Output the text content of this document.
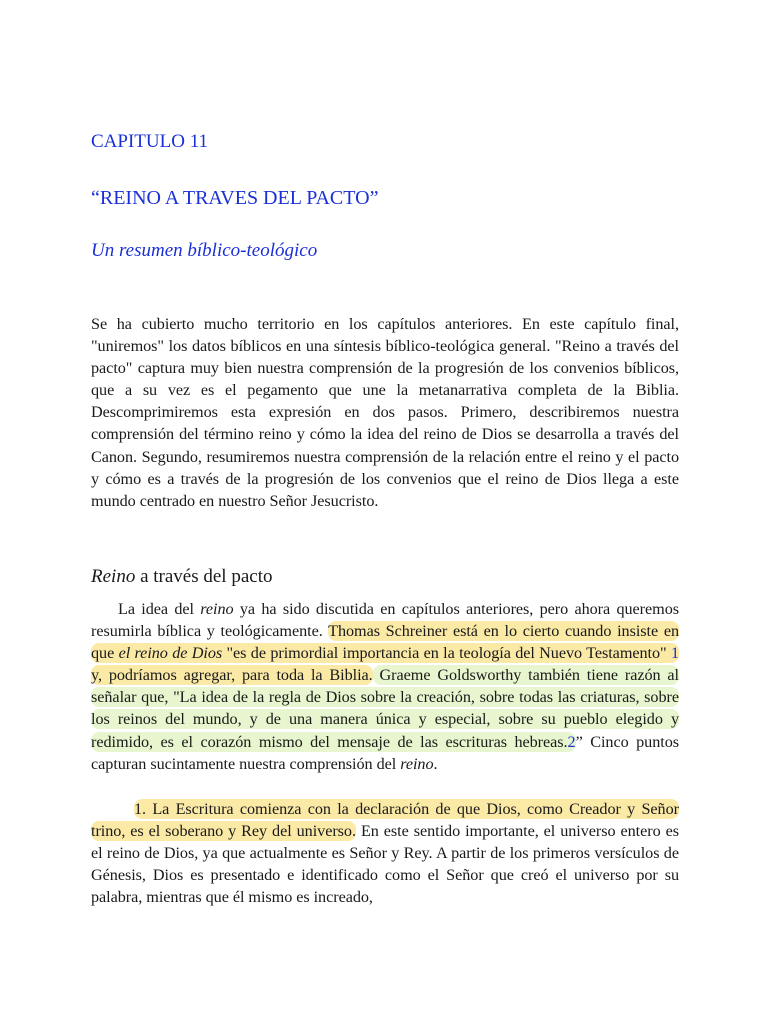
CAPITULO 11

“REINO A TRAVES DEL PACTO”

Un resumen bíblico-teológico

Se ha cubierto mucho territorio en los capítulos anteriores. En este capítulo final, "uniremos" los datos bíblicos en una síntesis bíblico-teológica general. "Reino a través del pacto" captura muy bien nuestra comprensión de la progresión de los convenios bíblicos, que a su vez es el pegamento que une la metanarrativa completa de la Biblia. Descomprimiremos esta expresión en dos pasos. Primero, describiremos nuestra comprensión del término reino y cómo la idea del reino de Dios se desarrolla a través del Canon. Segundo, resumiremos nuestra comprensión de la relación entre el reino y el pacto y cómo es a través de la progresión de los convenios que el reino de Dios llega a este mundo centrado en nuestro Señor Jesucristo.

Reino a través del pacto

La idea del reino ya ha sido discutida en capítulos anteriores, pero ahora queremos resumirla bíblica y teológicamente. Thomas Schreiner está en lo cierto cuando insiste en que el reino de Dios "es de primordial importancia en la teología del Nuevo Testamento" 1 y, podríamos agregar, para toda la Biblia. Graeme Goldsworthy también tiene razón al señalar que, "La idea de la regla de Dios sobre la creación, sobre todas las criaturas, sobre los reinos del mundo, y de una manera única y especial, sobre su pueblo elegido y redimido, es el corazón mismo del mensaje de las escrituras hebreas.2” Cinco puntos capturan sucintamente nuestra comprensión del reino.

1. La Escritura comienza con la declaración de que Dios, como Creador y Señor trino, es el soberano y Rey del universo. En este sentido importante, el universo entero es el reino de Dios, ya que actualmente es Señor y Rey. A partir de los primeros versículos de Génesis, Dios es presentado e identificado como el Señor que creó el universo por su palabra, mientras que él mismo es increado,
